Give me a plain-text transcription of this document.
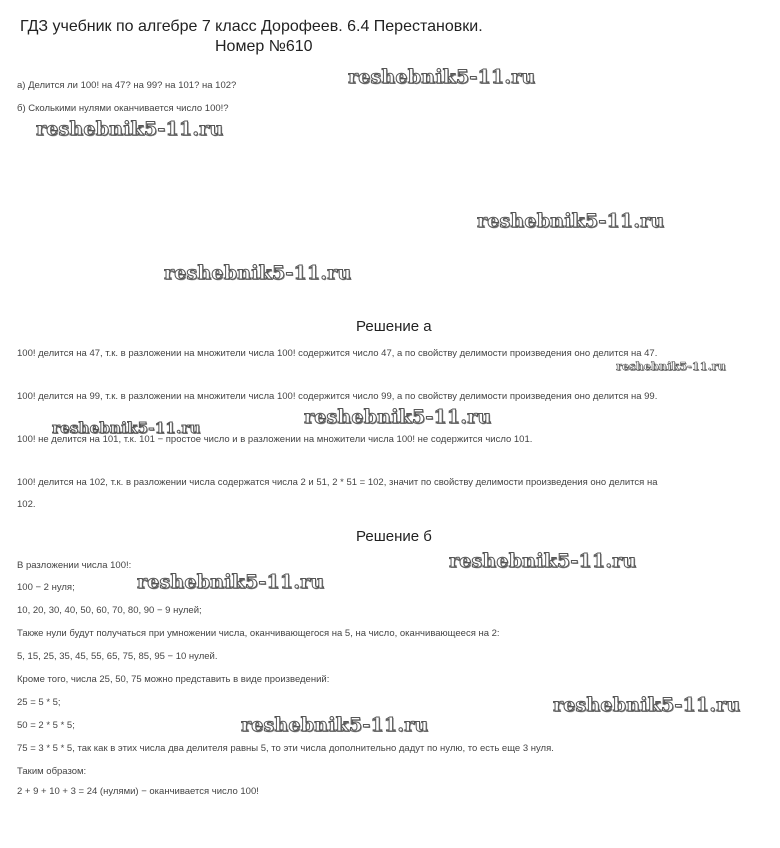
ГДЗ учебник по алгебре 7 класс Дорофеев. 6.4 Перестановки.
Номер №610
а) Делится ли 100! на 47? на 99? на 101? на 102?
б) Сколькими нулями оканчивается число 100!?
reshebnik5-11.ru
reshebnik5-11.ru
reshebnik5-11.ru
reshebnik5-11.ru
reshebnik5-11.ru
reshebnik5-11.ru	reshebnik5-11.ru
reshebnik5-11.ru
reshebnik5-11.ru
reshebnik5-11.ru
reshebnik5-11.ru
Решение а
100! делится на 47, т.к. в разложении на множители числа 100! содержится число 47, а по свойству делимости произведения оно делится на 47.
100! делится на 99, т.к. в разложении на множители числа 100! содержится число 99, а по свойству делимости произведения оно делится на 99.
100! не делится на 101, т.к. 101 − простое число и в разложении на множители числа 100! не содержится число 101.
100! делится на 102, т.к. в разложении числа содержатся числа 2 и 51, 2 * 51 = 102, значит по свойству делимости произведения оно делится на
102.
Решение б
В разложении числа 100!:
100 − 2 нуля;
10, 20, 30, 40, 50, 60, 70, 80, 90 − 9 нулей;
Также нули будут получаться при умножении числа, оканчивающегося на 5, на число, оканчивающееся на 2:
5, 15, 25, 35, 45, 55, 65, 75, 85, 95 − 10 нулей.
Кроме того, числа 25, 50, 75 можно представить в виде произведений:
25 = 5 * 5;
50 = 2 * 5 * 5;
75 = 3 * 5 * 5, так как в этих числа два делителя равны 5, то эти числа дополнительно дадут по нулю, то есть еще 3 нуля.
Таким образом:
2 + 9 + 10 + 3 = 24 (нулями) − оканчивается число 100!
